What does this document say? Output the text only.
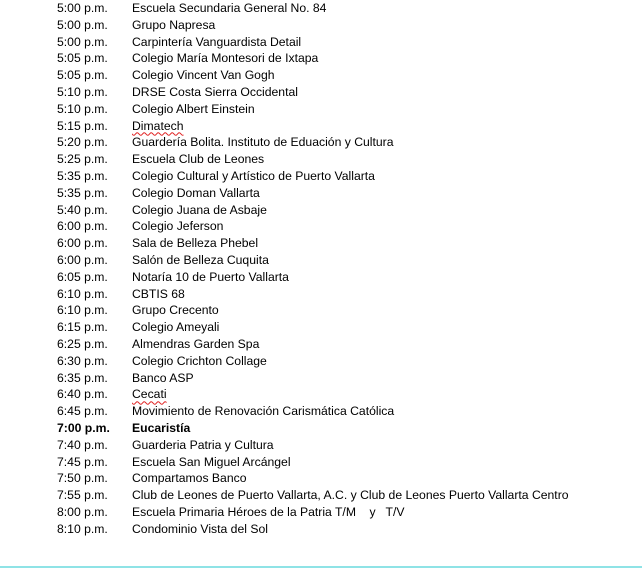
5:00 p.m. Escuela Secundaria General No. 84
5:00 p.m. Grupo Napresa
5:00 p.m. Carpintería Vanguardista Detail
5:05 p.m. Colegio María Montesori de Ixtapa
5:05 p.m. Colegio Vincent Van Gogh
5:10 p.m. DRSE Costa Sierra Occidental
5:10 p.m. Colegio Albert Einstein
5:15 p.m. Dimatech
5:20 p.m. Guardería Bolita. Instituto de Eduación y Cultura
5:25 p.m. Escuela Club de Leones
5:35 p.m. Colegio Cultural y Artístico de Puerto Vallarta
5:35 p.m. Colegio Doman Vallarta
5:40 p.m. Colegio Juana de Asbaje
6:00 p.m. Colegio Jeferson
6:00 p.m. Sala de Belleza Phebel
6:00 p.m. Salón de Belleza Cuquita
6:05 p.m. Notaría 10 de Puerto Vallarta
6:10 p.m. CBTIS 68
6:10 p.m. Grupo Crecento
6:15 p.m. Colegio Ameyali
6:25 p.m. Almendras Garden Spa
6:30 p.m. Colegio Crichton Collage
6:35 p.m. Banco ASP
6:40 p.m. Cecati
6:45 p.m. Movimiento de Renovación Carismática Católica
7:00 p.m. Eucaristía
7:40 p.m. Guarderia Patria y Cultura
7:45 p.m. Escuela San Miguel Arcángel
7:50 p.m. Compartamos Banco
7:55 p.m. Club de Leones de Puerto Vallarta, A.C. y Club de Leones Puerto Vallarta Centro
8:00 p.m. Escuela Primaria Héroes de la Patria T/M    y   T/V
8:10 p.m. Condominio Vista del Sol
